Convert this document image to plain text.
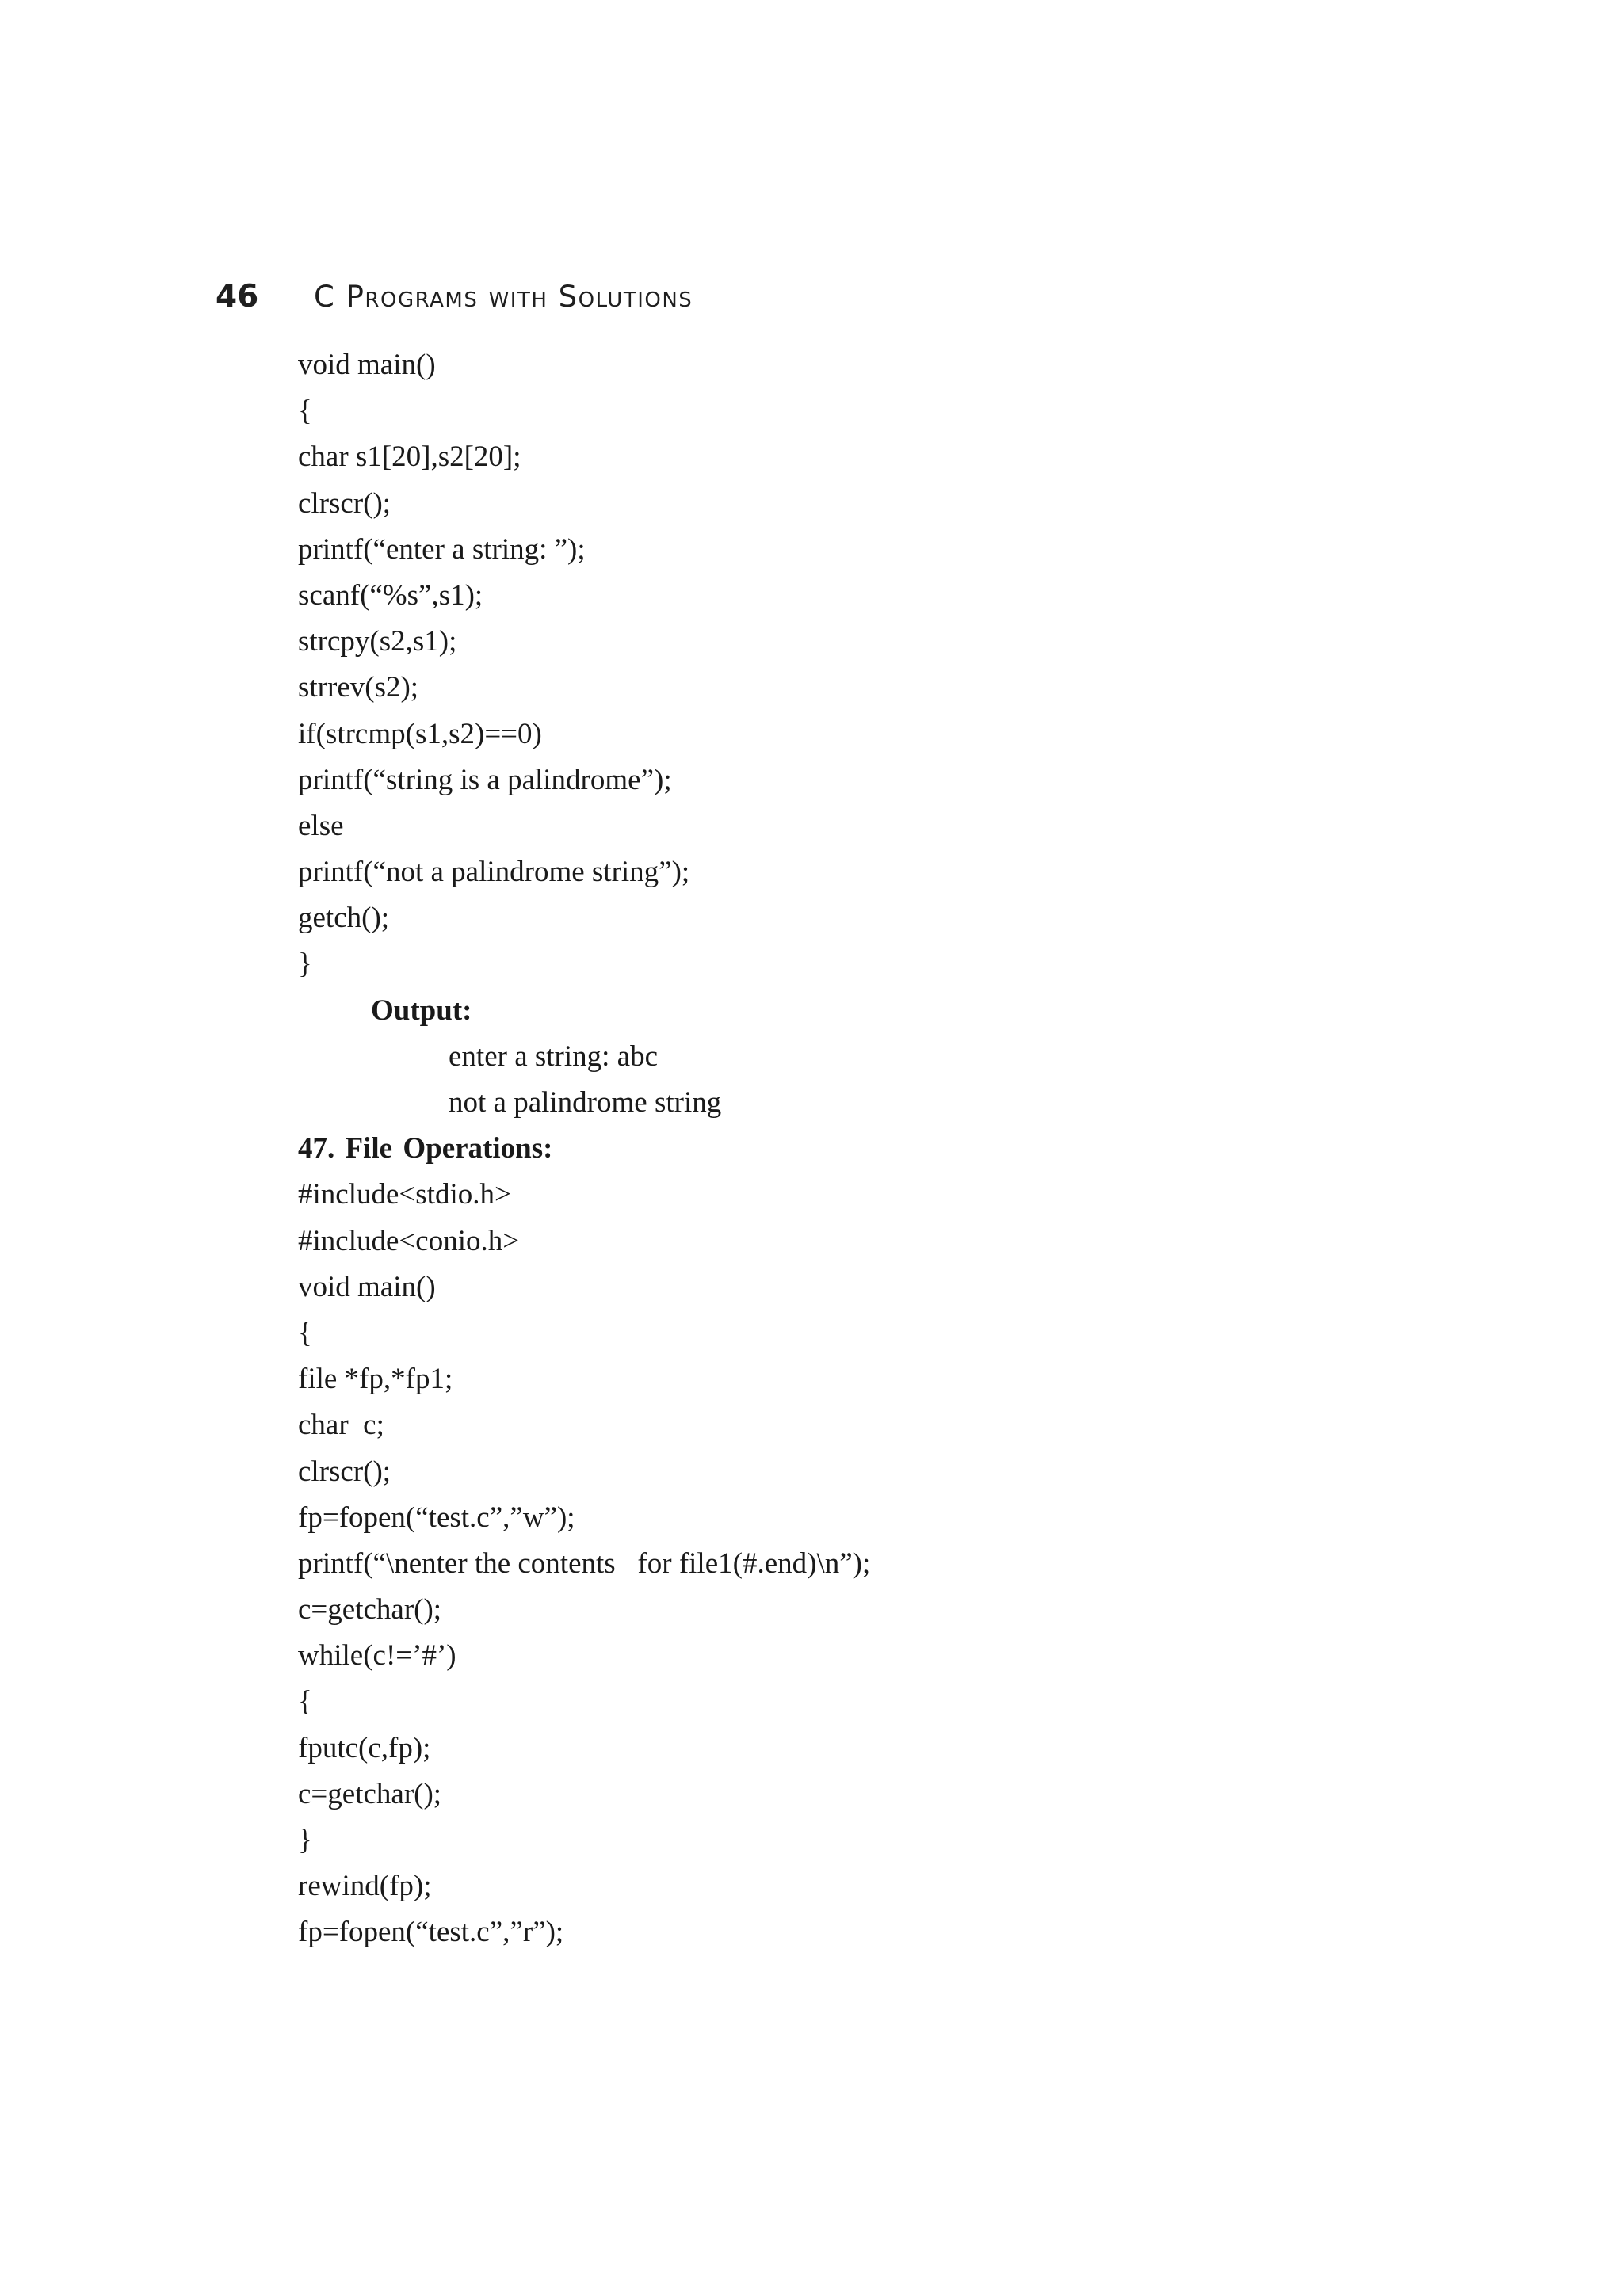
46	C Programs with Solutions
void main()
{
char s1[20],s2[20];
clrscr();
printf(“enter a string: ”);
scanf(“%s”,s1);
strcpy(s2,s1);
strrev(s2);
if(strcmp(s1,s2)==0)
printf(“string is a palindrome”);
else
printf(“not a palindrome string”);
getch();
}
Output:
enter a string: abc
not a palindrome string
47. File Operations:
#include<stdio.h>
#include<conio.h>
void main()
{
file *fp,*fp1;
char  c;
clrscr();
fp=fopen(“test.c”,”w”);
printf(“\nenter the contents   for file1(#.end)\n”);
c=getchar();
while(c!=’#’)
{
fputc(c,fp);
c=getchar();
}
rewind(fp);
fp=fopen(“test.c”,”r”);
